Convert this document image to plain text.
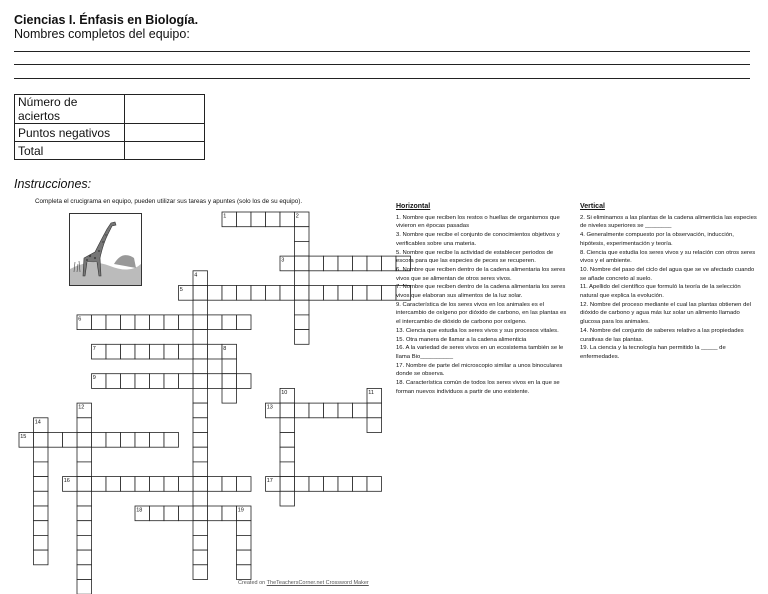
Ciencias I. Énfasis en Biología.
Nombres completos del equipo:
Número de aciertos	
Puntos negativos	
Total	
Instrucciones:
Completa el crucigrama en equipo, pueden utilizar sus tareas y apuntes (solo los de su equipo).
1	2
3
4
5
6
7	8
9
10	11
12	13
14
15
16	17
18	19
Horizontal

1. Nombre que reciben los restos o huellas de organismos que vivieron en épocas pasadas

3. Nombre que recibe el conjunto de conocimientos objetivos y verificables sobre una materia.

5. Nombre que recibe la actividad de establecer periodos de escora para que las especies de peces se recuperen.

6. Nombre que reciben dentro de la cadena alimentaria los seres vivos que se alimentan de otros seres vivos.

7. Nombre que reciben dentro de la cadena alimentaria los seres vivos que elaboran sus alimentos de la luz solar.

9. Característica de los seres vivos en los animales es el intercambio de oxígeno por dióxido de carbono, en las plantas es el intercambio de dióxido de carbono por oxígeno.

13. Ciencia que estudia los seres vivos y sus procesos vitales.

15. Otra manera de llamar a la cadena alimenticia

16. A la variedad de seres vivos en un ecosistema también se le llama Bio__________

17. Nombre de parte del microscopio similar a unos binoculares donde se observa.

18. Característica común de todos los seres vivos en la que se forman nuevos individuos a partir de uno existente.

Vertical

2. Si eliminamos a las plantas de la cadena alimenticia las especies de niveles superiores se ________

4. Generalmente compuesto por la observación, inducción, hipótesis, experimentación y teoría.

8. Ciencia que estudia los seres vivos y su relación con otros seres vivos y el ambiente.

10. Nombre del paso del ciclo del agua que se ve afectado cuando se añade concreto al suelo.

11. Apellido del científico que formuló la teoría de la selección natural que explica la evolución.

12. Nombre del proceso mediante el cual las plantas obtienen del dióxido de carbono y agua más luz solar un alimento llamado glucosa para los animales.

14. Nombre del conjunto de saberes relativo a las propiedades curativas de las plantas.

19. La ciencia y la tecnología han permitido la _____ de enfermedades.

Created on TheTeachersCorner.net Crossword Maker
